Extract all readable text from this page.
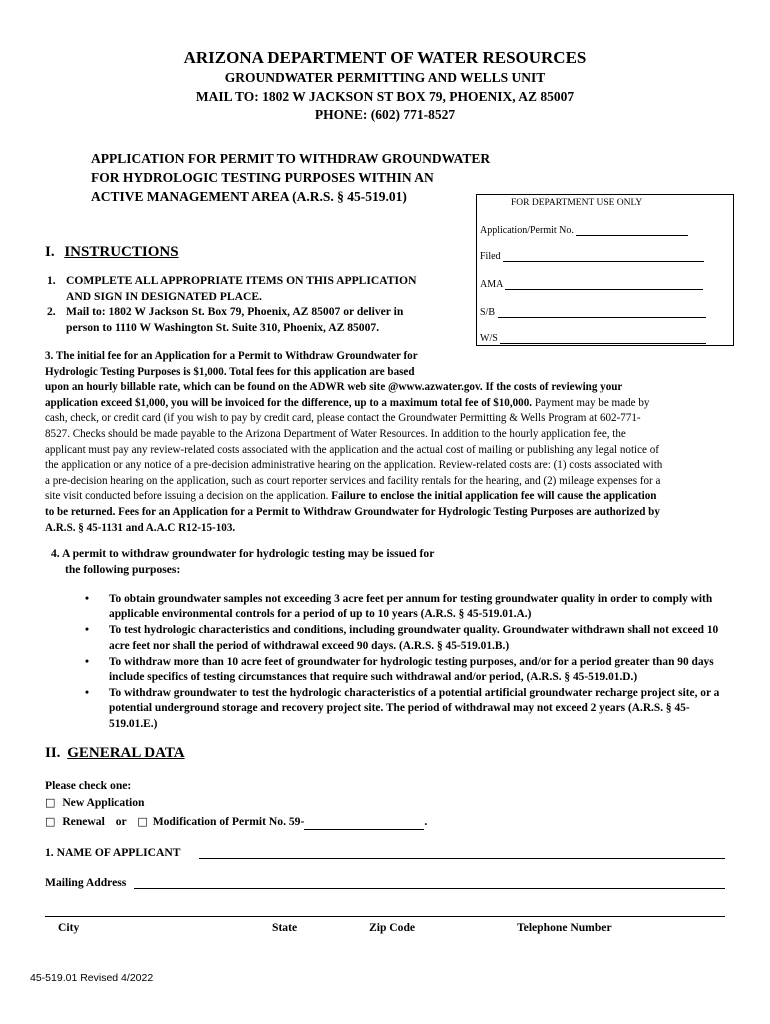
ARIZONA DEPARTMENT OF WATER RESOURCES
GROUNDWATER PERMITTING AND WELLS UNIT
MAIL TO: 1802 W JACKSON ST BOX 79, PHOENIX, AZ 85007
PHONE: (602) 771-8527
APPLICATION FOR PERMIT TO WITHDRAW GROUNDWATER
FOR HYDROLOGIC TESTING PURPOSES WITHIN AN
ACTIVE MANAGEMENT AREA (A.R.S. § 45-519.01)	FOR DEPARTMENT USE ONLY
Application/Permit No.
Filed
AMA
S/B
W/S
I. INSTRUCTIONS
1. COMPLETE ALL APPROPRIATE ITEMS ON THIS APPLICATION
AND SIGN IN DESIGNATED PLACE.
2. Mail to: 1802 W Jackson St. Box 79, Phoenix, AZ 85007 or deliver in
person to 1110 W Washington St. Suite 310, Phoenix, AZ 85007.
3. The initial fee for an Application for a Permit to Withdraw Groundwater for
Hydrologic Testing Purposes is $1,000. Total fees for this application are based
upon an hourly billable rate, which can be found on the ADWR web site @www.azwater.gov. If the costs of reviewing your
application exceed $1,000, you will be invoiced for the difference, up to a maximum total fee of $10,000. Payment may be made by
cash, check, or credit card (if you wish to pay by credit card, please contact the Groundwater Permitting & Wells Program at 602-771-
8527. Checks should be made payable to the Arizona Department of Water Resources. In addition to the hourly application fee, the
applicant must pay any review-related costs associated with the application and the actual cost of mailing or publishing any legal notice of
the application or any notice of a pre-decision administrative hearing on the application. Review-related costs are: (1) costs associated with
a pre-decision hearing on the application, such as court reporter services and facility rentals for the hearing, and (2) mileage expenses for a
site visit conducted before issuing a decision on the application. Failure to enclose the initial application fee will cause the application
to be returned. Fees for an Application for a Permit to Withdraw Groundwater for Hydrologic Testing Purposes are authorized by
A.R.S. § 45-1131 and A.A.C R12-15-103.
4. A permit to withdraw groundwater for hydrologic testing may be issued for
the following purposes:
• To obtain groundwater samples not exceeding 3 acre feet per annum for testing groundwater quality in order to comply with applicable environmental controls for a period of up to 10 years (A.R.S. § 45-519.01.A.)
• To test hydrologic characteristics and conditions, including groundwater quality. Groundwater withdrawn shall not exceed 10 acre feet nor shall the period of withdrawal exceed 90 days. (A.R.S. § 45-519.01.B.)
• To withdraw more than 10 acre feet of groundwater for hydrologic testing purposes, and/or for a period greater than 90 days include specifics of testing circumstances that require such withdrawal and/or period, (A.R.S. § 45-519.01.D.)
• To withdraw groundwater to test the hydrologic characteristics of a potential artificial groundwater recharge project site, or a potential underground storage and recovery project site. The period of withdrawal may not exceed 2 years (A.R.S. § 45-519.01.E.)
II. GENERAL DATA
Please check one:
□ New Application
□ Renewal or □ Modification of Permit No. 59-	.
1. NAME OF APPLICANT
Mailing Address
City	State	Zip Code	Telephone Number
45-519.01 Revised 4/2022
